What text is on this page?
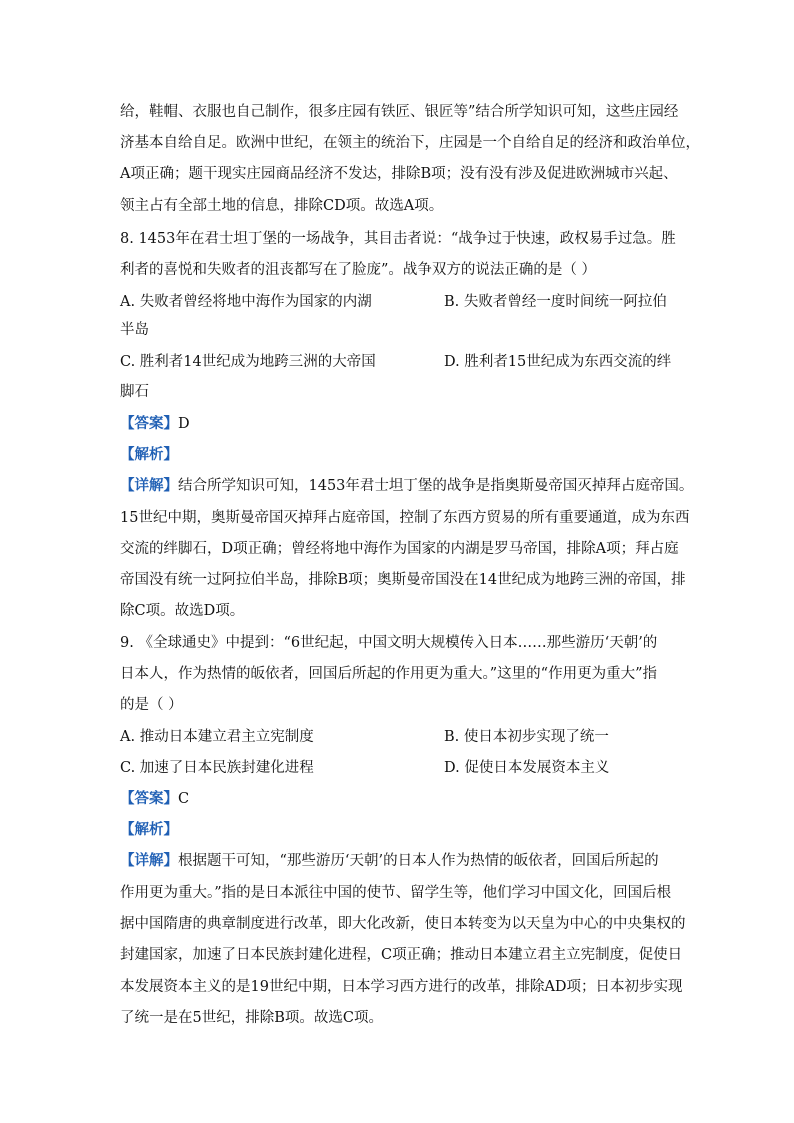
给，鞋帽、衣服也自己制作，很多庄园有铁匠、银匠等”结合所学知识可知，这些庄园经
济基本自给自足。欧洲中世纪，在领主的统治下，庄园是一个自给自足的经济和政治单位，
A项正确；题干现实庄园商品经济不发达，排除B项；没有没有涉及促进欧洲城市兴起、
领主占有全部土地的信息，排除CD项。故选A项。
8. 1453年在君士坦丁堡的一场战争，其目击者说：“战争过于快速，政权易手过急。胜
利者的喜悦和失败者的沮丧都写在了脸庞”。战争双方的说法正确的是（ ）
A. 失败者曾经将地中海作为国家的内湖	B. 失败者曾经一度时间统一阿拉伯
半岛
C. 胜利者14世纪成为地跨三洲的大帝国	D. 胜利者15世纪成为东西交流的绊
脚石
【答案】D
【解析】
【详解】结合所学知识可知，1453年君士坦丁堡的战争是指奥斯曼帝国灭掉拜占庭帝国。
15世纪中期，奥斯曼帝国灭掉拜占庭帝国，控制了东西方贸易的所有重要通道，成为东西
交流的绊脚石，D项正确；曾经将地中海作为国家的内湖是罗马帝国，排除A项；拜占庭
帝国没有统一过阿拉伯半岛，排除B项；奥斯曼帝国没在14世纪成为地跨三洲的帝国，排
除C项。故选D项。
9. 《全球通史》中提到：“6世纪起，中国文明大规模传入日本……那些游历‘天朝’的
日本人，作为热情的皈依者，回国后所起的作用更为重大。”这里的“作用更为重大”指
的是（ ）
A. 推动日本建立君主立宪制度	B. 使日本初步实现了统一
C. 加速了日本民族封建化进程	D. 促使日本发展资本主义
【答案】C
【解析】
【详解】根据题干可知，“那些游历‘天朝’的日本人作为热情的皈依者，回国后所起的
作用更为重大。”指的是日本派往中国的使节、留学生等，他们学习中国文化，回国后根
据中国隋唐的典章制度进行改革，即大化改新，使日本转变为以天皇为中心的中央集权的
封建国家，加速了日本民族封建化进程，C项正确；推动日本建立君主立宪制度，促使日
本发展资本主义的是19世纪中期，日本学习西方进行的改革，排除AD项；日本初步实现
了统一是在5世纪，排除B项。故选C项。
